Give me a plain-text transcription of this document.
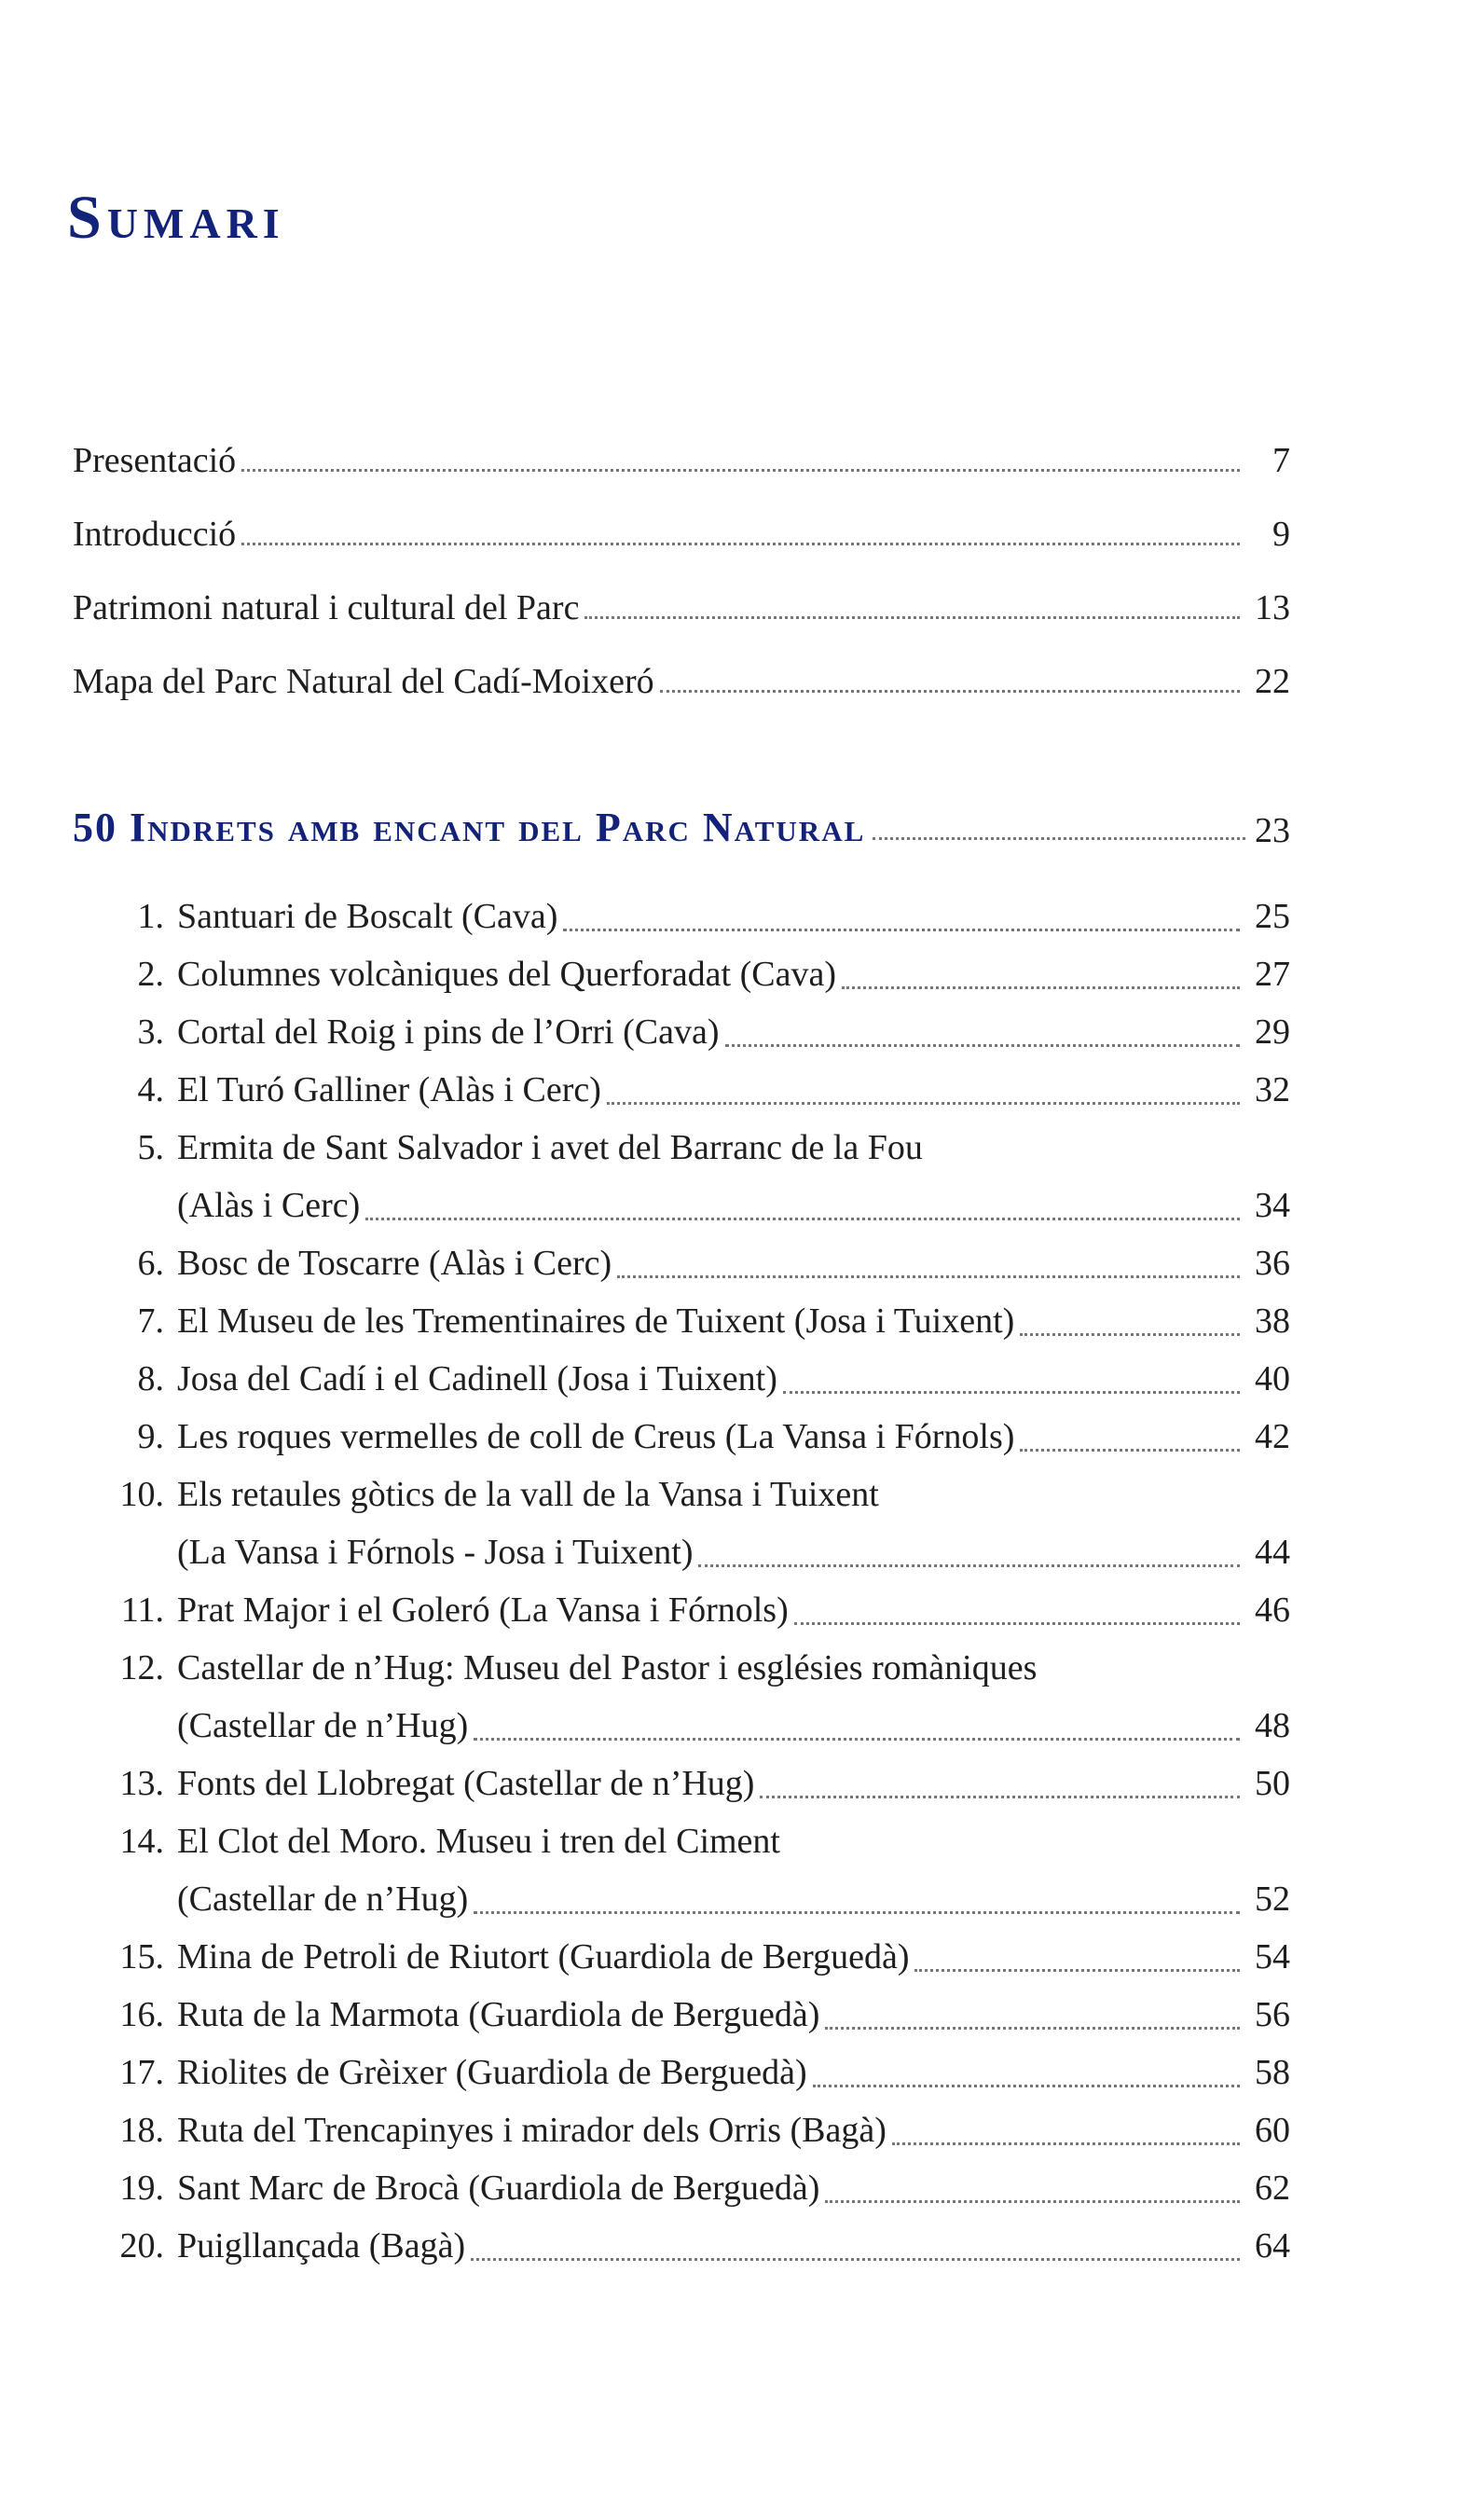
Sumari
Presentació	7
Introducció	9
Patrimoni natural i cultural del Parc	13
Mapa del Parc Natural del Cadí-Moixeró	22
50 Indrets amb encant del Parc Natural	23
1. Santuari de Boscalt (Cava)	25
2. Columnes volcàniques del Querforadat (Cava)	27
3. Cortal del Roig i pins de l’Orri (Cava)	29
4. El Turó Galliner (Alàs i Cerc)	32
5. Ermita de Sant Salvador i avet del Barranc de la Fou
(Alàs i Cerc)	34
6. Bosc de Toscarre (Alàs i Cerc)	36
7. El Museu de les Trementinaires de Tuixent (Josa i Tuixent)	38
8. Josa del Cadí i el Cadinell (Josa i Tuixent)	40
9. Les roques vermelles de coll de Creus (La Vansa i Fórnols)	42
10. Els retaules gòtics de la vall de la Vansa i Tuixent
(La Vansa i Fórnols - Josa i Tuixent)	44
11. Prat Major i el Goleró (La Vansa i Fórnols)	46
12. Castellar de n’Hug: Museu del Pastor i esglésies romàniques
(Castellar de n’Hug)	48
13. Fonts del Llobregat (Castellar de n’Hug)	50
14. El Clot del Moro. Museu i tren del Ciment
(Castellar de n’Hug)	52
15. Mina de Petroli de Riutort (Guardiola de Berguedà)	54
16. Ruta de la Marmota (Guardiola de Berguedà)	56
17. Riolites de Grèixer (Guardiola de Berguedà)	58
18. Ruta del Trencapinyes i mirador dels Orris (Bagà)	60
19. Sant Marc de Brocà (Guardiola de Berguedà)	62
20. Puigllançada (Bagà)	64
